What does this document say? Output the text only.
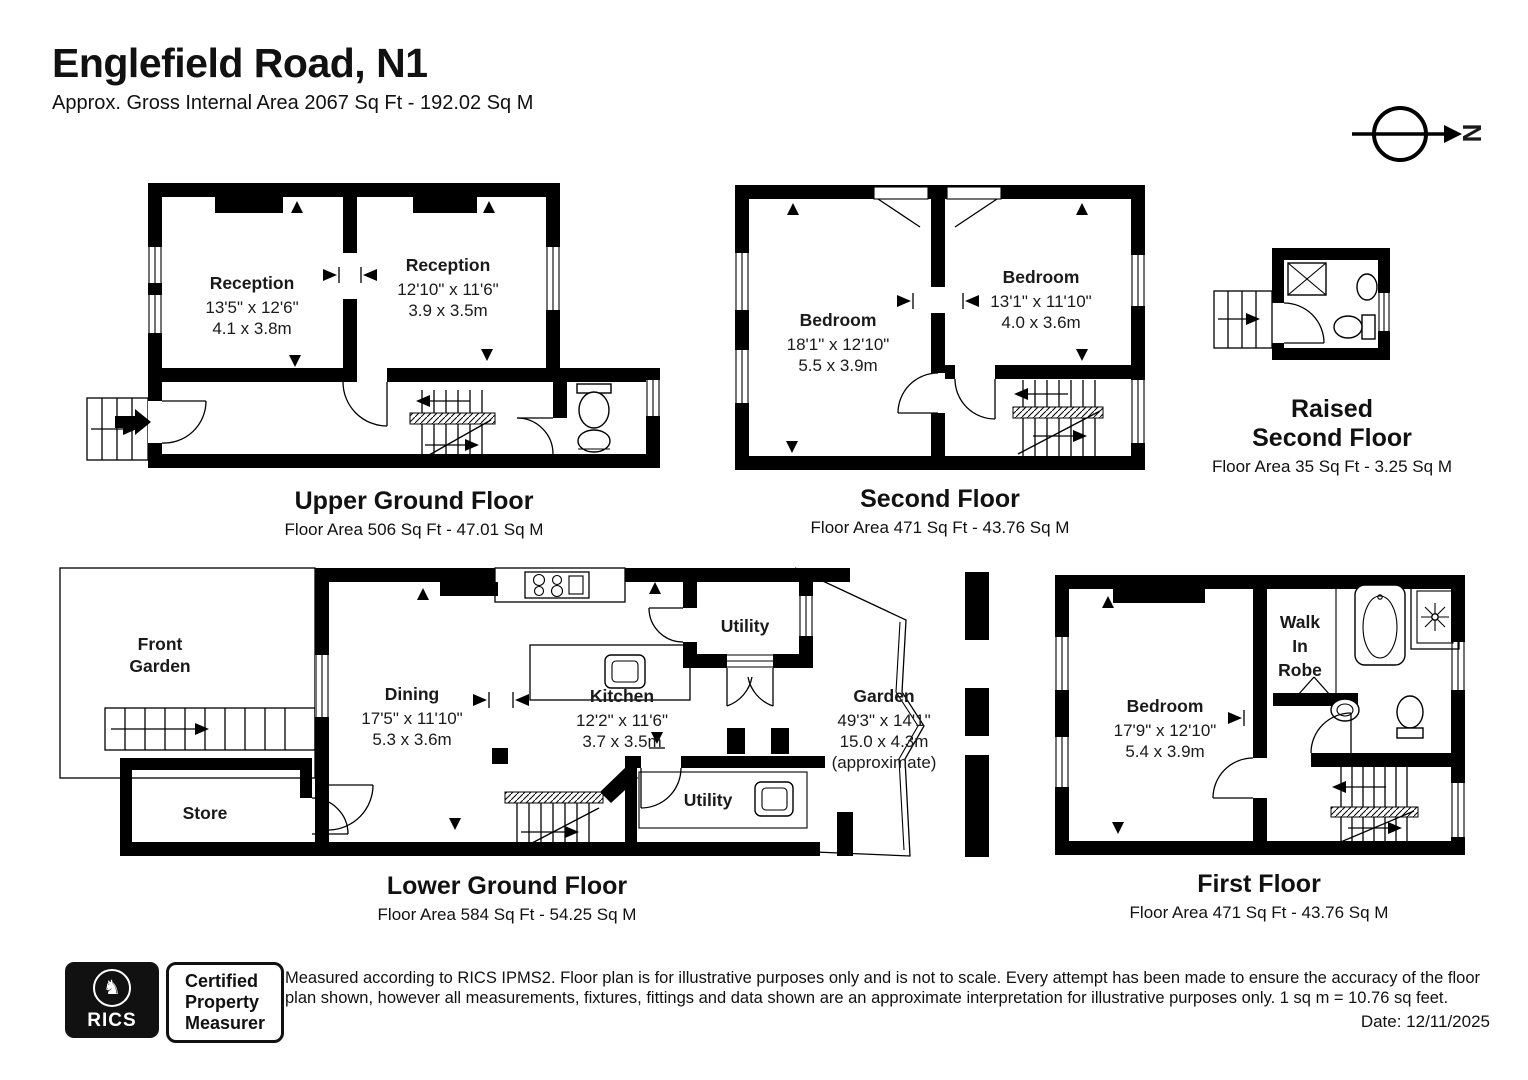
Englefield Road, N1
Approx. Gross Internal Area 2067 Sq Ft - 192.02 Sq M
N
Reception
13'5" x 12'6"
4.1 x 3.8m
Reception
12'10" x 11'6"
3.9 x 3.5m
Upper Ground Floor
Floor Area 506 Sq Ft - 47.01 Sq M
Bedroom
18'1" x 12'10"
5.5 x 3.9m
Bedroom
13'1" x 11'10"
4.0 x 3.6m
Second Floor
Floor Area 471 Sq Ft - 43.76 Sq M
Raised
Second Floor
Floor Area 35 Sq Ft - 3.25 Sq M
Front
Garden
Store
Dining
17'5" x 11'10"
5.3 x 3.6m
Kitchen
12'2" x 11'6"
3.7 x 3.5m
Utility
Utility
Garden
49'3" x 14'1"
15.0 x 4.3m
(approximate)
Lower Ground Floor
Floor Area 584 Sq Ft - 54.25 Sq M
Bedroom
17'9" x 12'10"
5.4 x 3.9m
Walk
In
Robe
First Floor
Floor Area 471 Sq Ft - 43.76 Sq M
♞
RICS
Certified
Property
Measurer
Measured according to RICS IPMS2. Floor plan is for illustrative purposes only and is not to scale. Every attempt has been made to ensure the accuracy of the floor plan shown, however all measurements, fixtures, fittings and data shown are an approximate interpretation for illustrative purposes only. 1 sq m = 10.76 sq feet.
Date: 12/11/2025
